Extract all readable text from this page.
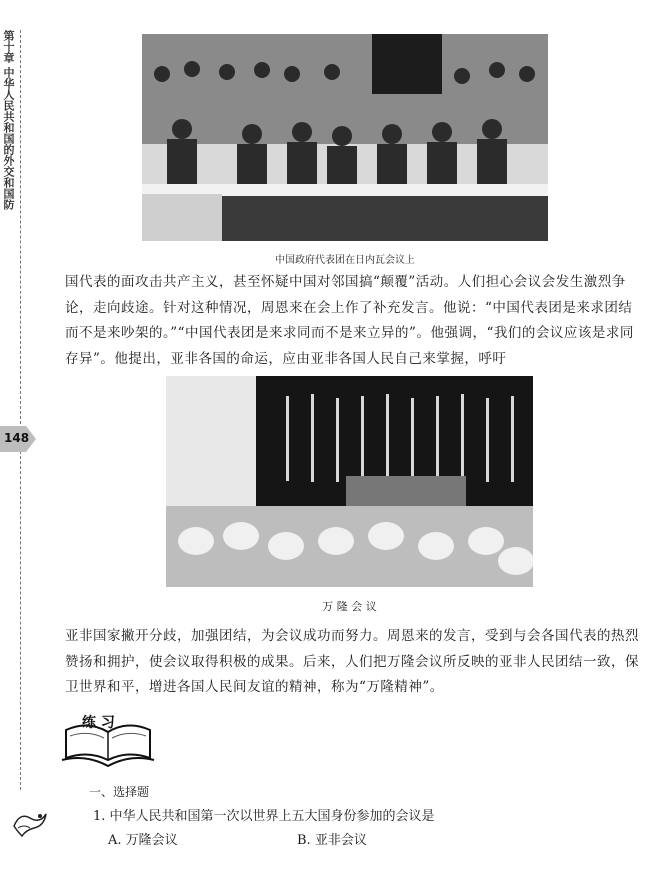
第十章 中华人民共和国的外交和国防
148
中国政府代表团在日内瓦会议上

国代表的面攻击共产主义，甚至怀疑中国对邻国搞“颠覆”活动。人们担心会议会发生激烈争论，走向歧途。针对这种情况，周恩来在会上作了补充发言。他说：“中国代表团是来求团结而不是来吵架的。”“中国代表团是来求同而不是来立异的”。他强调，“我们的会议应该是求同存异”。他提出，亚非各国的命运，应由亚非各国人民自己来掌握，呼吁

万 隆 会 议

亚非国家撇开分歧，加强团结，为会议成功而努力。周恩来的发言，受到与会各国代表的热烈赞扬和拥护，使会议取得积极的成果。后来，人们把万隆会议所反映的亚非人民团结一致，保卫世界和平，增进各国人民间友谊的精神，称为“万隆精神”。

练 习
一、选择题
1. 中华人民共和国第一次以世界上五大国身份参加的会议是
A. 万隆会议	B. 亚非会议
